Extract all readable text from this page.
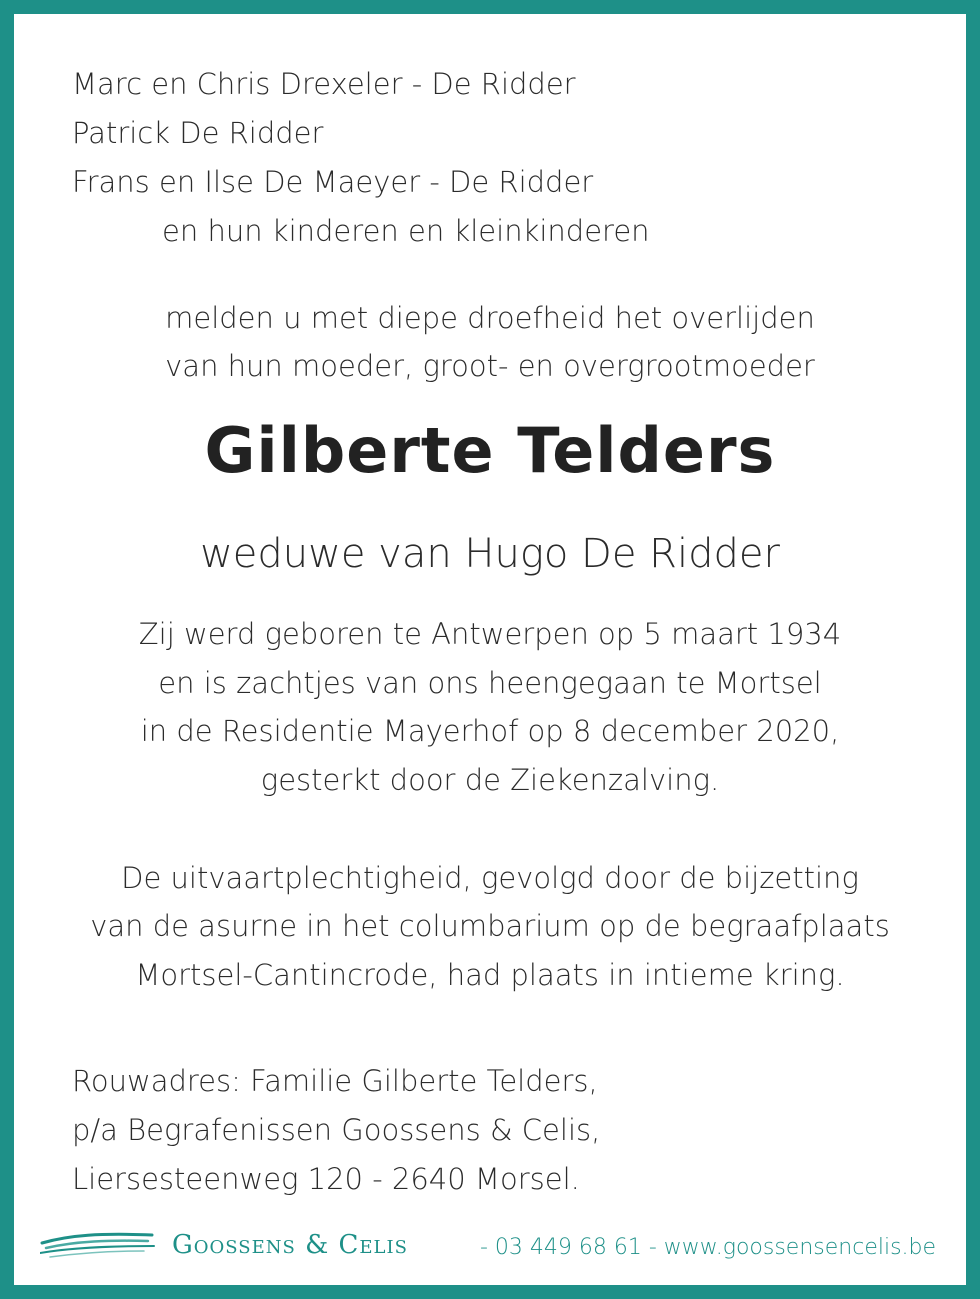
Marc en Chris Drexeler - De Ridder
Patrick De Ridder
Frans en Ilse De Maeyer - De Ridder
en hun kinderen en kleinkinderen
melden u met diepe droefheid het overlijden
van hun moeder, groot- en overgrootmoeder
Gilberte Telders
weduwe van Hugo De Ridder
Zij werd geboren te Antwerpen op 5 maart 1934
en is zachtjes van ons heengegaan te Mortsel
in de Residentie Mayerhof op 8 december 2020,
gesterkt door de Ziekenzalving.
De uitvaartplechtigheid, gevolgd door de bijzetting
van de asurne in het columbarium op de begraafplaats
Mortsel-Cantincrode, had plaats in intieme kring.
Rouwadres: Familie Gilberte Telders,
p/a Begrafenissen Goossens & Celis,
Liersesteenweg 120 - 2640 Morsel.
Goossens & Celis	- 03 449 68 61 - www.goossensencelis.be
